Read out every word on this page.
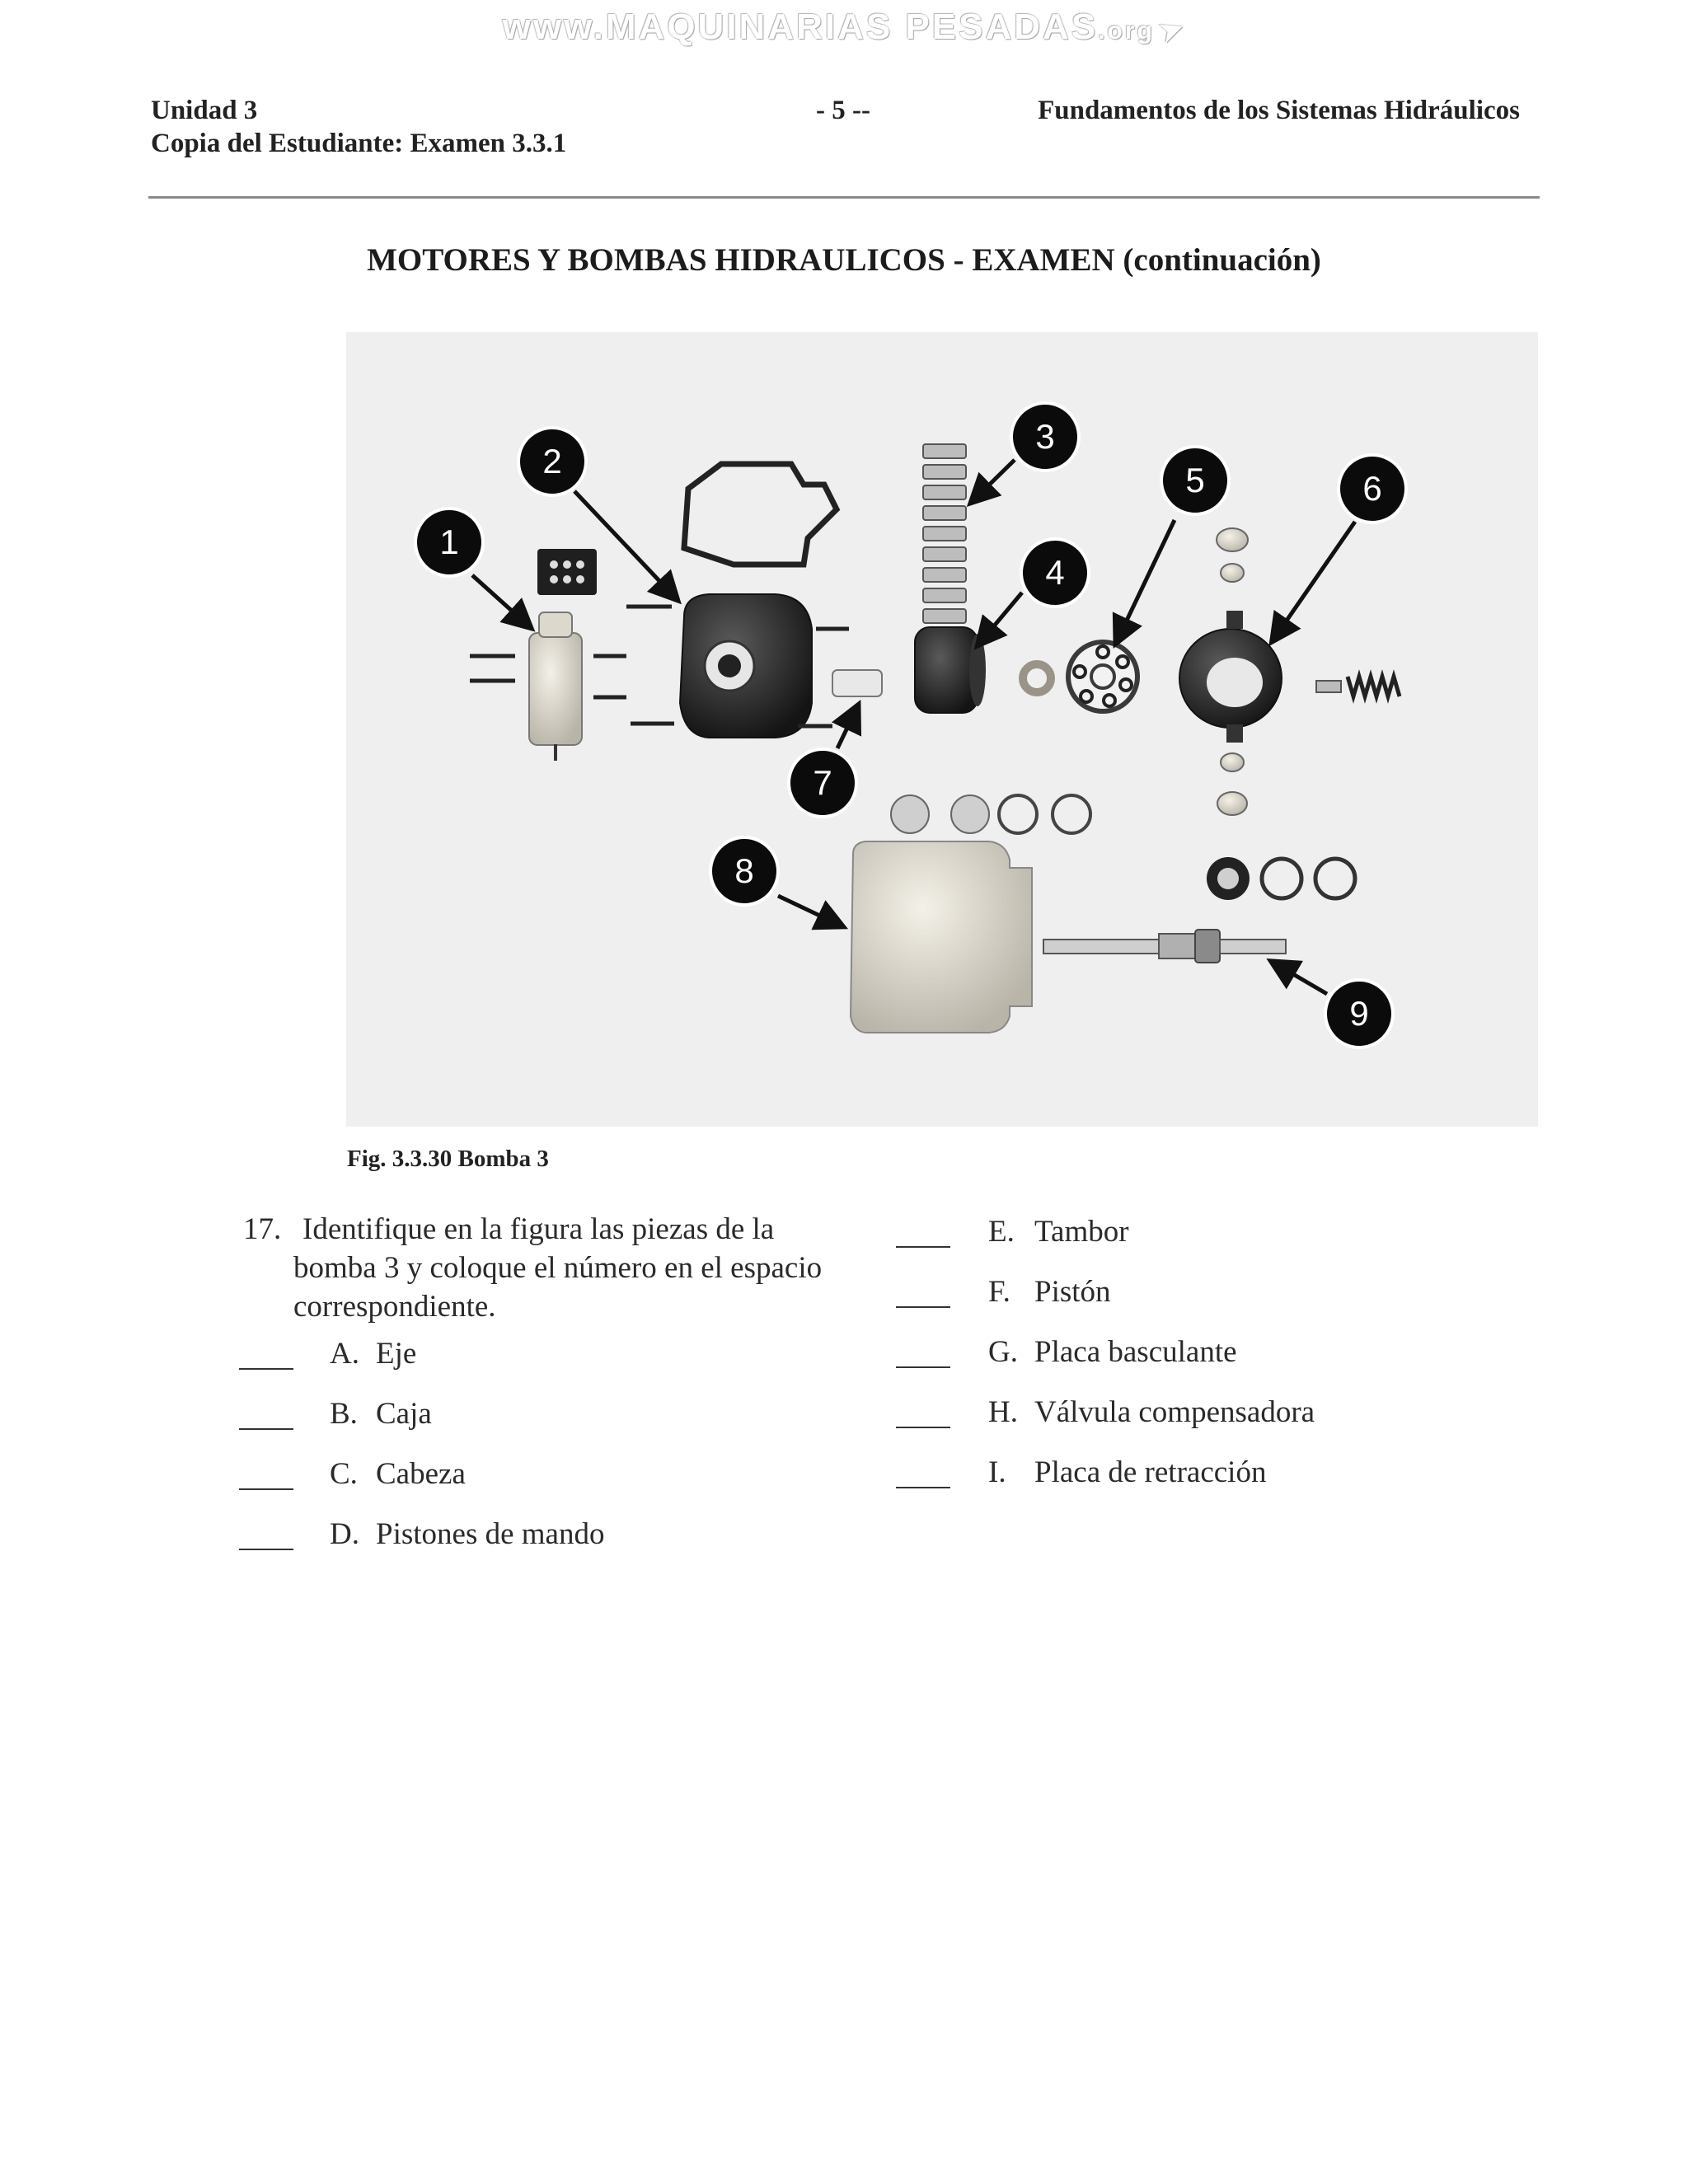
www.MAQUINARIAS PESADAS.org➤
Unidad 3	- 5 --	Fundamentos de los Sistemas Hidráulicos
Copia del Estudiante: Examen 3.3.1
MOTORES Y BOMBAS HIDRAULICOS - EXAMEN (continuación)
1
2
3
4
5	6
7
8
9
Fig. 3.3.30 Bomba 3
17. Identifique en la figura las piezas de la
bomba 3 y coloque el número en el espacio
correspondiente.
A. Eje
B. Caja
C. Cabeza
D. Pistones de mando
E. Tambor
F. Pistón
G. Placa basculante
H. Válvula compensadora
I. Placa de retracción
